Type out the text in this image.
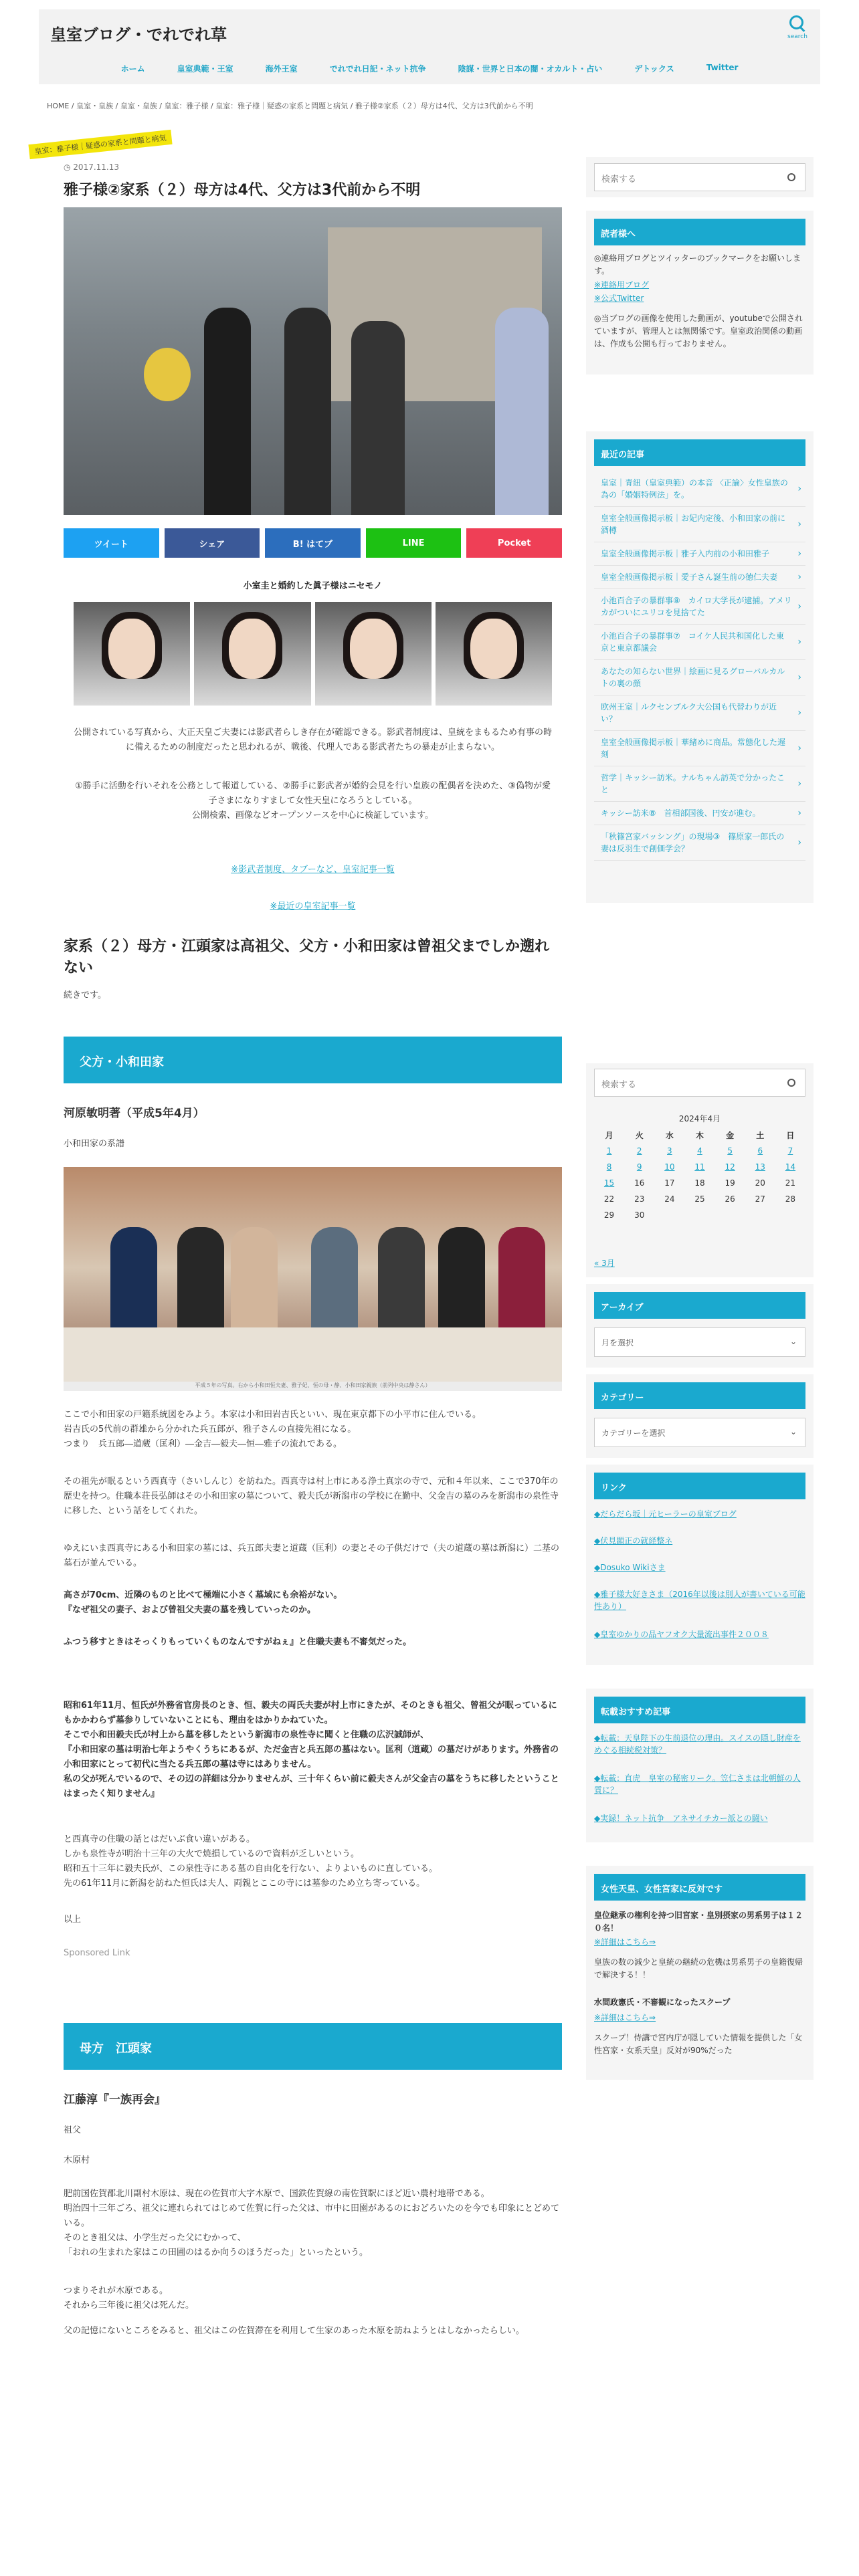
皇室ブログ・でれでれ草	search
ホーム	皇室典範・王室	海外王室	でれでれ日記・ネット抗争	陰謀・世界と日本の闇・オカルト・占い	デトックス	Twitter
HOME / 皇室・皇族 / 皇室・皇族 / 皇室：雅子様 / 皇室：雅子様｜疑惑の家系と問題と病気 / 雅子様②家系（２）母方は4代、父方は3代前から不明
皇室：雅子様｜疑惑の家系と問題と病気
◷ 2017.11.13
雅子様②家系（２）母方は4代、父方は3代前から不明
ツイート	シェア	B! はてブ	LINE	Pocket
小室圭と婚約した眞子様はニセモノ
公開されている写真から、大正天皇ご夫妻には影武者らしき存在が確認できる。影武者制度は、皇統をまもるため有事の時に備えるための制度だったと思われるが、戦後、代理人である影武者たちの暴走が止まらない。
①勝手に活動を行いそれを公務として報道している、②勝手に影武者が婚約会見を行い皇族の配偶者を決めた、③偽物が愛子さまになりすまして女性天皇になろうとしている。
公開検索、画像などオープンソースを中心に検証しています。
※影武者制度、タブーなど、皇室記事一覧
※最近の皇室記事一覧
家系（２）母方・江頭家は高祖父、父方・小和田家は曾祖父までしか遡れない
続きです。
父方・小和田家
河原敏明著（平成5年4月）
小和田家の系譜
平成５年の写真。右から小和田恒夫妻、雅子妃、恒の母・静、小和田家親族（前列中央は静さん）
ここで小和田家の戸籍系統図をみよう。本家は小和田岩吉氏といい、現在東京都下の小平市に住んでいる。
岩吉氏の5代前の群雄から分かれた兵五郎が、雅子さんの直接先祖になる。
つまり　兵五郎―道蔵（匡利）―金吉―毅夫―恒―雅子の流れである。
その祖先が眠るという西真寺（さいしんじ）を訪ねた。西真寺は村上市にある浄土真宗の寺で、元和４年以来、ここで370年の歴史を持つ。住職本荘長弘師はその小和田家の墓について、毅夫氏が新潟市の学校に在勤中、父金吉の墓のみを新潟市の泉性寺に移した、という話をしてくれた。
ゆえにいま西真寺にある小和田家の墓には、兵五郎夫妻と道蔵（匡利）の妻とその子供だけで（夫の道蔵の墓は新潟に）二基の墓石が並んでいる。
高さが70cm、近隣のものと比べて極端に小さく墓域にも余裕がない。
『なぜ祖父の妻子、および曾祖父夫妻の墓を残していったのか。
ふつう移すときはそっくりもっていくものなんですがねぇ』と住職夫妻も不審気だった。
昭和61年11月、恒氏が外務省官房長のとき、恒、毅夫の両氏夫妻が村上市にきたが、そのときも祖父、曾祖父が眠っているにもかかわらず墓参りしていないことにも、理由をはかりかねていた。
そこで小和田毅夫氏が村上から墓を移したという新潟市の泉性寺に聞くと住職の広沢誠師が、
『小和田家の墓は明治七年ようやくうちにあるが、ただ金吉と兵五郎の墓はない。匡利（道蔵）の墓だけがあります。外務省の小和田家にとって初代に当たる兵五郎の墓は寺にはありません。
私の父が死んでいるので、その辺の詳細は分かりませんが、三十年くらい前に毅夫さんが父金吉の墓をうちに移したということはまったく知りません』
と西真寺の住職の話とはだいぶ食い違いがある。
しかも泉性寺が明治十三年の大火で焼損しているので資料が乏しいという。
昭和五十三年に毅夫氏が、この泉性寺にある墓の自由化を行ない、よりよいものに直している。
先の61年11月に新潟を訪ねた恒氏は夫人、両親とここの寺には墓参のため立ち寄っている。
以上
Sponsored Link
母方　江頭家
江藤淳『一族再会』
祖父
木原村
肥前国佐賀郡北川副村木原は、現在の佐賀市大字木原で、国鉄佐賀線の南佐賀駅にほど近い農村地帯である。
明治四十三年ごろ、祖父に連れられてはじめて佐賀に行った父は、市中に田園があるのにおどろいたのを今でも印象にとどめている。
そのとき祖父は、小学生だった父にむかって、
「おれの生まれた家はこの田圃のはるか向うのほうだった」といったという。
つまりそれが木原である。
それから三年後に祖父は死んだ。
父の記憶にないところをみると、祖父はこの佐賀滞在を利用して生家のあった木原を訪ねようとはしなかったらしい。
検索する
読者様へ
◎連絡用ブログとツイッターのブックマークをお願いします。
※連絡用ブログ
※公式Twitter
◎当ブログの画像を使用した動画が、youtubeで公開されていますが、管理人とは無関係です。皇室政治関係の動画は、作成も公開も行っておりません。
最近の記事
皇室｜青紐（皇室典範）の本音 〈正論〉女性皇族の為の「婚姻特例法」を。
›
皇室全般画像掲示板｜お妃内定後、小和田家の前に酒樽
›
皇室全般画像掲示板｜雅子入内前の小和田雅子	›
皇室全般画像掲示板｜愛子さん誕生前の徳仁夫妻 ›
小池百合子の暴群事⑧　カイロ大学長が逮捕。アメリカがついにユリコを見捨てた
›
小池百合子の暴群事⑦　コイケ人民共和国化した東京と東京都議会
›
あなたの知らない世界｜絵画に見るグローバルカルトの裏の顔
›
欧州王室｜ルクセンブルク大公国も代替わりが近い？
›
皇室全般画像掲示板｜華緒めに商品。常態化した遅刻
›
哲学｜キッシー訪米。ナルちゃん訪英で分かったこと
›
キッシー訪米⑧　首相部国後、円安が進む。	›
「秋篠宮家バッシング」の現場③　篠原家一郎氏の妻は反羽生で創価学会？
›
検索する
2024年4月
月	火	水	木	金	土	日
1	2	3	4	5	6	7
8	9	10	11	12	13	14
15	16	17	18	19	20	21
22	23	24	25	26	27	28
29	30					
« 3月
アーカイブ
月を選択	⌄
カテゴリー
カテゴリーを選択	⌄
リンク
◆だらだら坂｜元ヒーラーの皇室ブログ
◆伏見顕正の就経整ネ
◆Dosuko Wikiさま
◆雅子様大好きさま（2016年以後は別人が書いている可能性あり）
◆皇室ゆかりの品ヤフオク大量流出事件２００８
転載おすすめ記事
◆転載：天皇陛下の生前退位の理由。スイスの隠し財産をめぐる相続税対策？
◆転載：直虎　皇室の秘密リーク。笠仁さまは北朝鮮の人質に？
◆実録！ネット抗争　アネサイチカー派との闘い
女性天皇、女性宮家に反対です
皇位継承の権利を持つ旧宮家・皇別摂家の男系男子は１２０名！
※詳細はこちら⇒
皇族の数の減少と皇統の継続の危機は男系男子の皇籍復帰で解決する！！
水間政憲氏・不審観になったスクープ
※詳細はこちら⇒
スクープ！侍講で宮内庁が隠していた情報を提供した「女性宮家・女系天皇」反対が90%だった
